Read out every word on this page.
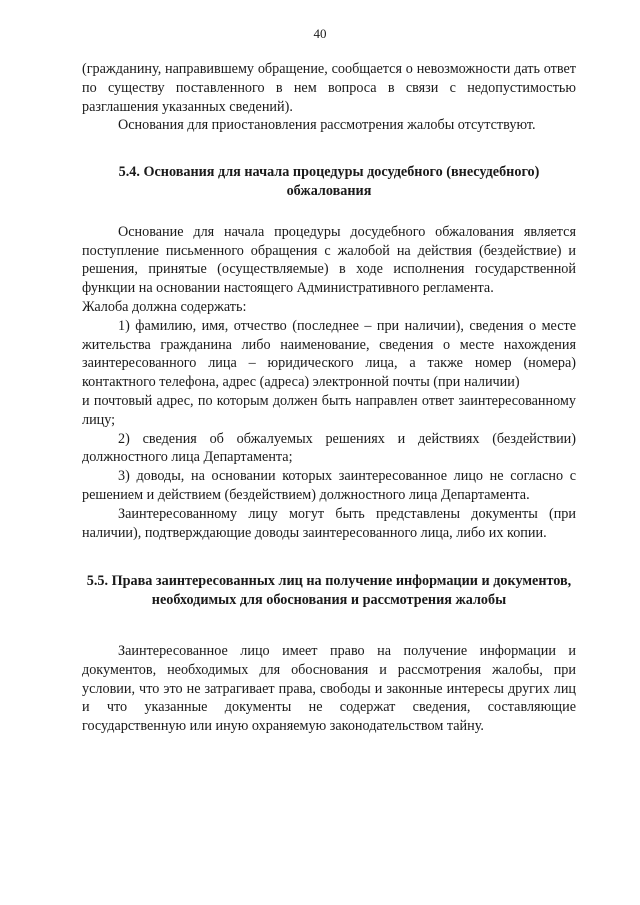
40

(гражданину, направившему обращение, сообщается о невозможности дать ответ по существу поставленного в нем вопроса в связи с недопустимостью разглашения указанных сведений).

Основания для приостановления рассмотрения жалобы отсутствуют.

5.4. Основания для начала процедуры досудебного (внесудебного) обжалования

Основание для начала процедуры досудебного обжалования является поступление письменного обращения с жалобой на действия (бездействие) и решения, принятые (осуществляемые) в ходе исполнения государственной функции на основании настоящего Административного регламента.

Жалоба должна содержать:

1) фамилию, имя, отчество (последнее – при наличии), сведения о месте жительства гражданина либо наименование, сведения о месте нахождения заинтересованного лица – юридического лица, а также номер (номера) контактного телефона, адрес (адреса) электронной почты (при наличии)

и почтовый адрес, по которым должен быть направлен ответ заинтересованному лицу;

2) сведения об обжалуемых решениях и действиях (бездействии) должностного лица Департамента;

3) доводы, на основании которых заинтересованное лицо не согласно с решением и действием (бездействием) должностного лица Департамента.

Заинтересованному лицу могут быть представлены документы (при наличии), подтверждающие доводы заинтересованного лица, либо их копии.

5.5. Права заинтересованных лиц на получение информации и документов, необходимых для обоснования и рассмотрения жалобы

Заинтересованное лицо имеет право на получение информации и документов, необходимых для обоснования и рассмотрения жалобы, при условии, что это не затрагивает права, свободы и законные интересы других лиц и что указанные документы не содержат сведения, составляющие государственную или иную охраняемую законодательством тайну.
